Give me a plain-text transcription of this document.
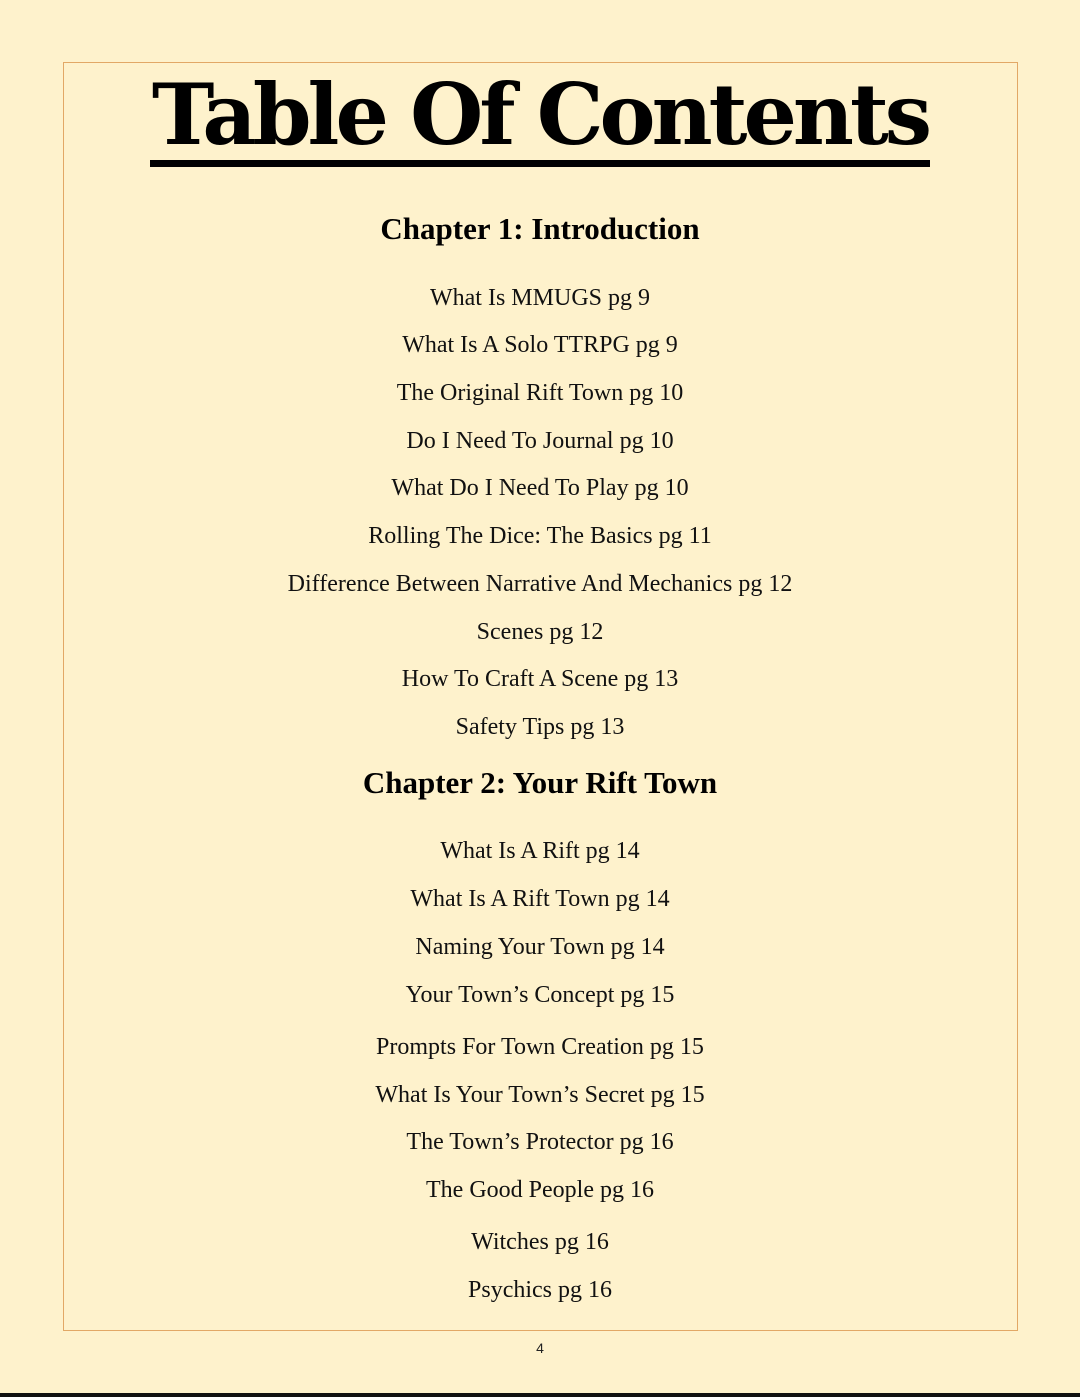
Table Of Contents
Chapter 1: Introduction
What Is MMUGS pg 9
What Is A Solo TTRPG pg 9
The Original Rift Town pg 10
Do I Need To Journal pg 10
What Do I Need To Play pg 10
Rolling The Dice: The Basics pg 11
Difference Between Narrative And Mechanics pg 12
Scenes pg 12
How To Craft A Scene pg 13
Safety Tips pg 13
Chapter 2: Your Rift Town
What Is A Rift pg 14
What Is A Rift Town pg 14
Naming Your Town pg 14
Your Town’s Concept pg 15
Prompts For Town Creation pg 15
What Is Your Town’s Secret pg 15
The Town’s Protector pg 16
The Good People pg 16
Witches pg 16
Psychics pg 16
4
